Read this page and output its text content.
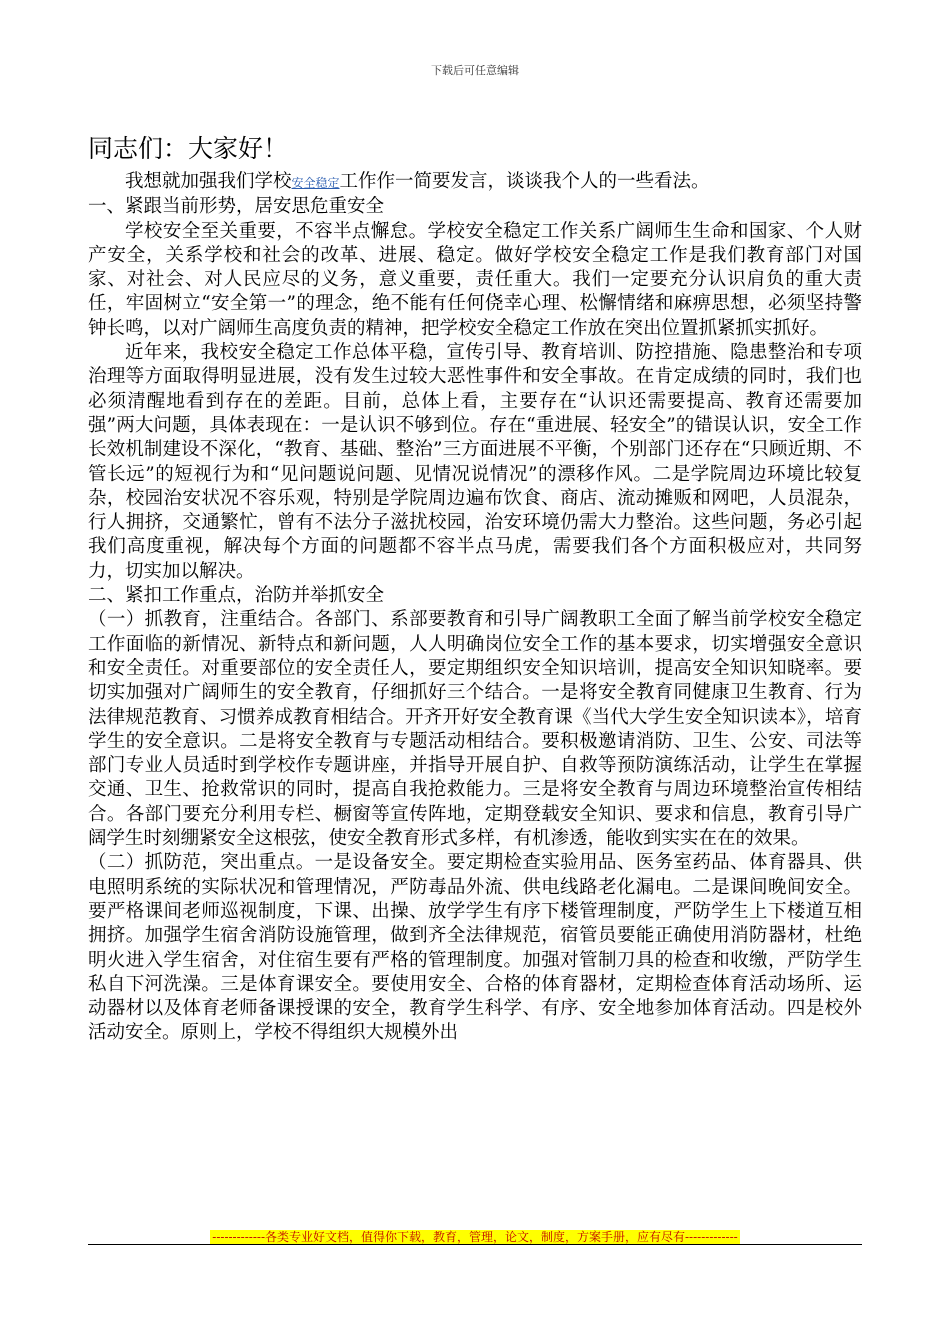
下载后可任意编辑
同志们：大家好！

我想就加强我们学校安全稳定工作作一简要发言，谈谈我个人的一些看法。

一、紧跟当前形势，居安思危重安全

学校安全至关重要，不容半点懈怠。学校安全稳定工作关系广阔师生生命和国家、个人财产安全，关系学校和社会的改革、进展、稳定。做好学校安全稳定工作是我们教育部门对国家、对社会、对人民应尽的义务，意义重要，责任重大。我们一定要充分认识肩负的重大责任，牢固树立“安全第一”的理念，绝不能有任何侥幸心理、松懈情绪和麻痹思想，必须坚持警钟长鸣，以对广阔师生高度负责的精神，把学校安全稳定工作放在突出位置抓紧抓实抓好。

近年来，我校安全稳定工作总体平稳，宣传引导、教育培训、防控措施、隐患整治和专项治理等方面取得明显进展，没有发生过较大恶性事件和安全事故。在肯定成绩的同时，我们也必须清醒地看到存在的差距。目前，总体上看，主要存在“认识还需要提高、教育还需要加强”两大问题，具体表现在：一是认识不够到位。存在“重进展、轻安全”的错误认识，安全工作长效机制建设不深化，“教育、基础、整治”三方面进展不平衡，个别部门还存在“只顾近期、不管长远”的短视行为和“见问题说问题、见情况说情况”的漂移作风。二是学院周边环境比较复杂，校园治安状况不容乐观，特别是学院周边遍布饮食、商店、流动摊贩和网吧，人员混杂，行人拥挤，交通繁忙，曾有不法分子滋扰校园，治安环境仍需大力整治。这些问题，务必引起我们高度重视，解决每个方面的问题都不容半点马虎，需要我们各个方面积极应对，共同努力，切实加以解决。

二、紧扣工作重点，治防并举抓安全

（一）抓教育，注重结合。各部门、系部要教育和引导广阔教职工全面了解当前学校安全稳定工作面临的新情况、新特点和新问题，人人明确岗位安全工作的基本要求，切实增强安全意识和安全责任。对重要部位的安全责任人，要定期组织安全知识培训，提高安全知识知晓率。要切实加强对广阔师生的安全教育，仔细抓好三个结合。一是将安全教育同健康卫生教育、行为法律规范教育、习惯养成教育相结合。开齐开好安全教育课《当代大学生安全知识读本》，培育学生的安全意识。二是将安全教育与专题活动相结合。要积极邀请消防、卫生、公安、司法等部门专业人员适时到学校作专题讲座，并指导开展自护、自救等预防演练活动，让学生在掌握交通、卫生、抢救常识的同时，提高自我抢救能力。三是将安全教育与周边环境整治宣传相结合。各部门要充分利用专栏、橱窗等宣传阵地，定期登载安全知识、要求和信息，教育引导广阔学生时刻绷紧安全这根弦，使安全教育形式多样，有机渗透，能收到实实在在的效果。

（二）抓防范，突出重点。一是设备安全。要定期检查实验用品、医务室药品、体育器具、供电照明系统的实际状况和管理情况，严防毒品外流、供电线路老化漏电。二是课间晚间安全。要严格课间老师巡视制度，下课、出操、放学学生有序下楼管理制度，严防学生上下楼道互相拥挤。加强学生宿舍消防设施管理，做到齐全法律规范，宿管员要能正确使用消防器材，杜绝明火进入学生宿舍，对住宿生要有严格的管理制度。加强对管制刀具的检查和收缴，严防学生私自下河洗澡。三是体育课安全。要使用安全、合格的体育器材，定期检查体育活动场所、运动器材以及体育老师备课授课的安全，教育学生科学、有序、安全地参加体育活动。四是校外活动安全。原则上，学校不得组织大规模外出

-------------各类专业好文档，值得你下载，教育，管理，论文，制度，方案手册，应有尽有-------------
